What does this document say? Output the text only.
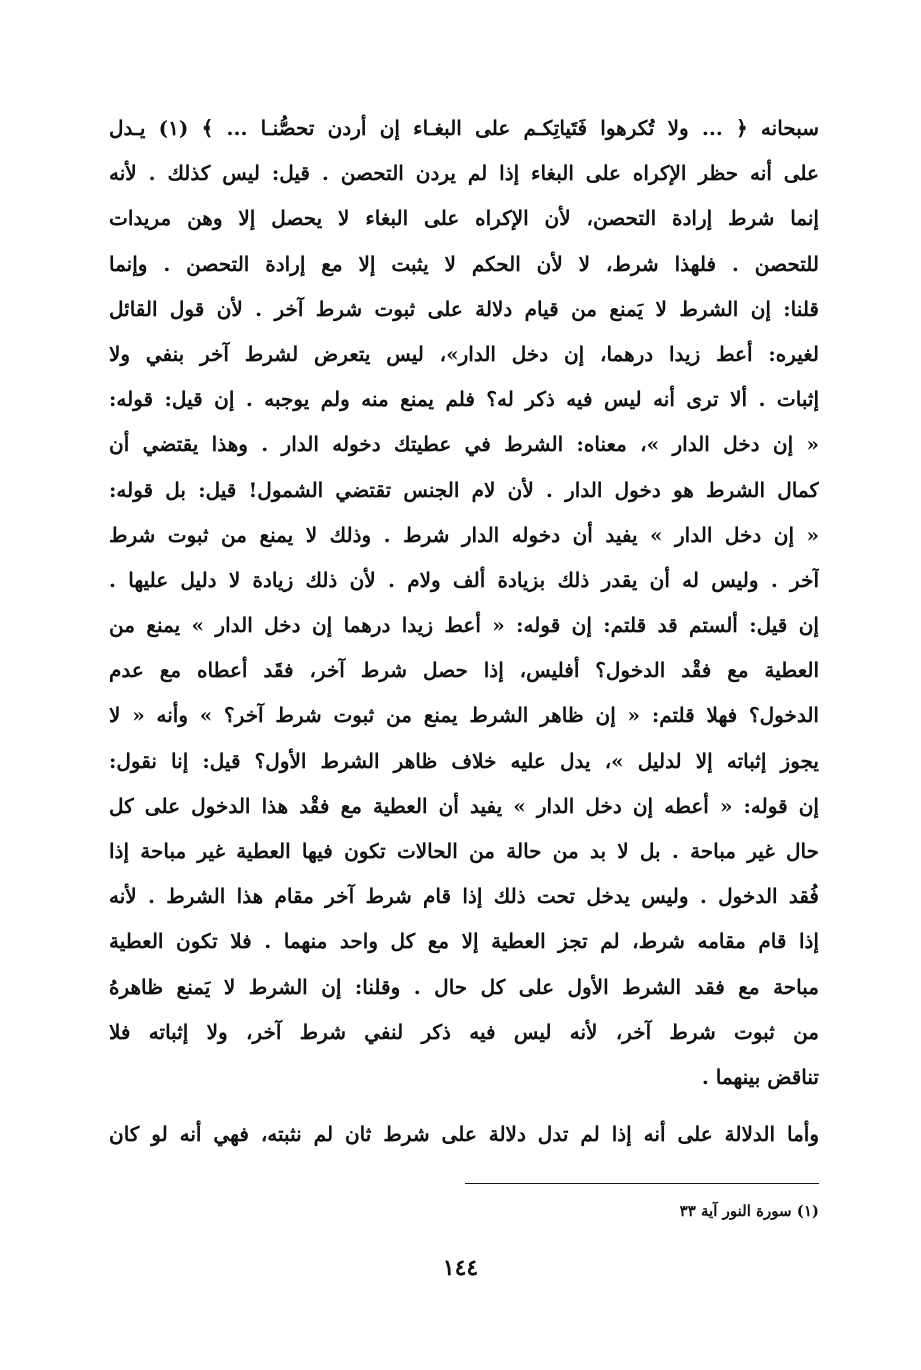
سبحانه ﴿ ... ولا تُكرهوا فَتَياتِكـم على البغـاء إن أردن تحصُّنـا ... ﴾ (١) يـدل
على أنه حظر الإكراه على البغاء إذا لم يردن التحصن . قيل: ليس كذلك . لأنه
إنما شرط إرادة التحصن، لأن الإكراه على البغاء لا يحصل إلا وهن مريدات
للتحصن . فلهذا شرط، لا لأن الحكم لا يثبت إلا مع إرادة التحصن . وإنما
قلنا: إن الشرط لا يَمنع من قيام دلالة على ثبوت شرط آخر . لأن قول القائل
لغيره: أعط زيدا درهما، إن دخل الدار»، ليس يتعرض لشرط آخر بنفي ولا
إثبات . ألا ترى أنه ليس فيه ذكر له؟ فلم يمنع منه ولم يوجبه . إن قيل: قوله:
« إن دخل الدار »، معناه: الشرط في عطيتك دخوله الدار . وهذا يقتضي أن
كمال الشرط هو دخول الدار . لأن لام الجنس تقتضي الشمول! قيل: بل قوله:
« إن دخل الدار » يفيد أن دخوله الدار شرط . وذلك لا يمنع من ثبوت شرط
آخر . وليس له أن يقدر ذلك بزيادة ألف ولام . لأن ذلك زيادة لا دليل عليها .
إن قيل: ألستم قد قلتم: إن قوله: « أعط زيدا درهما إن دخل الدار » يمنع من
العطية مع فقْد الدخول؟ أفليس، إذا حصل شرط آخر، فقَد أعطاه مع عدم
الدخول؟ فهلا قلتم: « إن ظاهر الشرط يمنع من ثبوت شرط آخر؟ » وأنه « لا
يجوز إثباته إلا لدليل »، يدل عليه خلاف ظاهر الشرط الأول؟ قيل: إنا نقول:
إن قوله: « أعطه إن دخل الدار » يفيد أن العطية مع فقْد هذا الدخول على كل
حال غير مباحة . بل لا بد من حالة من الحالات تكون فيها العطية غير مباحة إذا
فُقد الدخول . وليس يدخل تحت ذلك إذا قام شرط آخر مقام هذا الشرط . لأنه
إذا قام مقامه شرط، لم تجز العطية إلا مع كل واحد منهما . فلا تكون العطية
مباحة مع فقد الشرط الأول على كل حال . وقلنا: إن الشرط لا يَمنع ظاهرهُ
من ثبوت شرط آخر، لأنه ليس فيه ذكر لنفي شرط آخر، ولا إثباته فلا
تناقض بينهما .
وأما الدلالة على أنه إذا لم تدل دلالة على شرط ثان لم نثبته، فهي أنه لو كان
(١) سورة النور آية ٣٣
١٤٤
